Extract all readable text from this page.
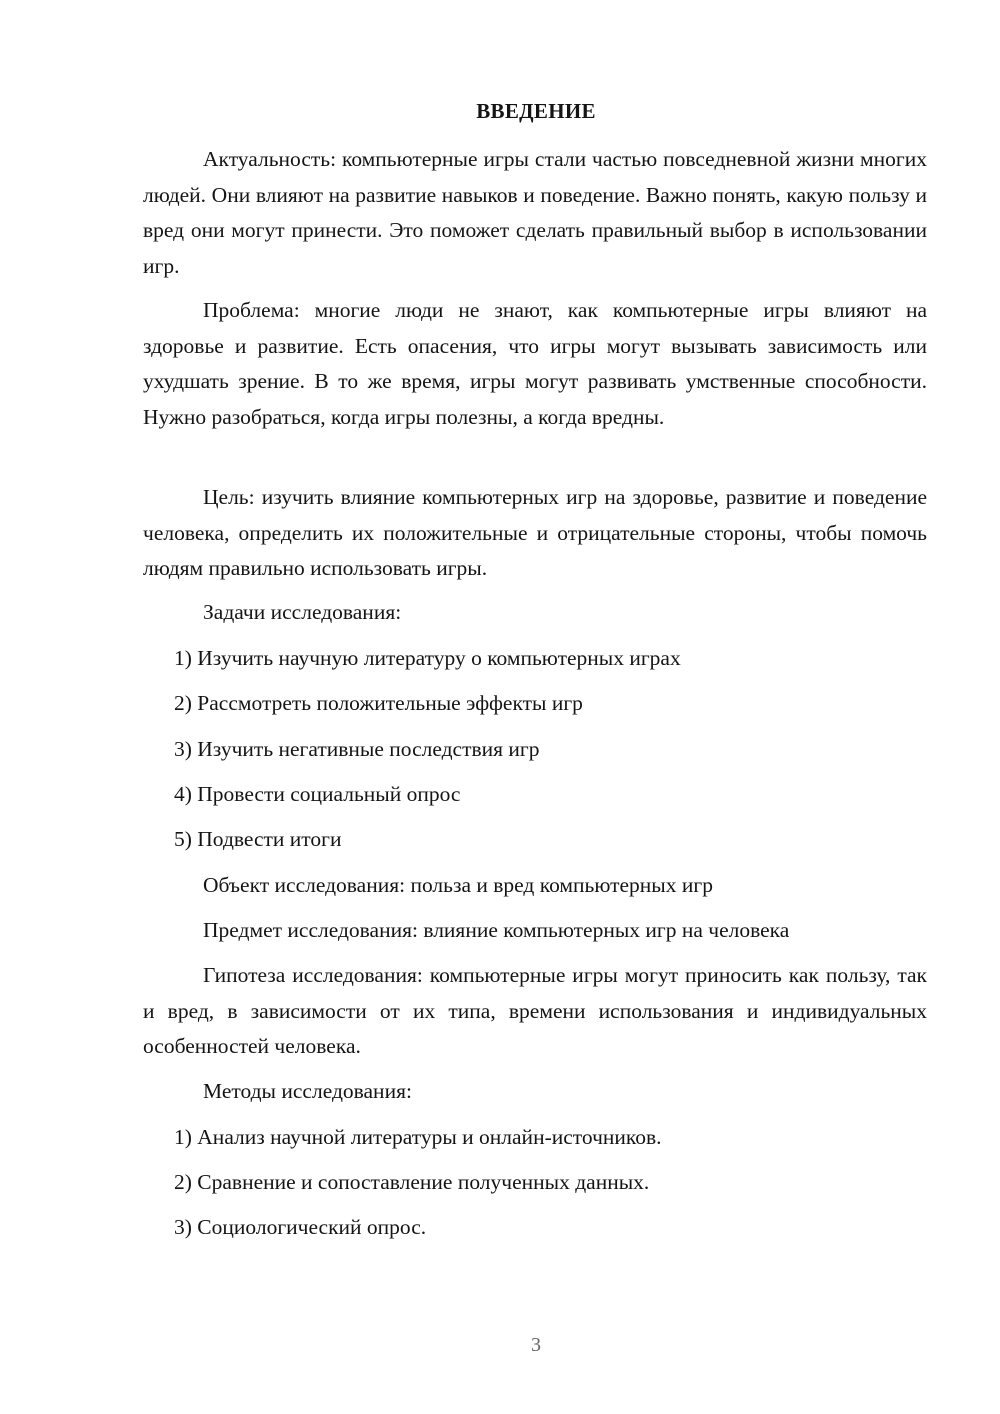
ВВЕДЕНИЕ

Актуальность: компьютерные игры стали частью повседневной жизни многих людей. Они влияют на развитие навыков и поведение. Важно понять, какую пользу и вред они могут принести. Это поможет сделать правильный выбор в использовании игр.

Проблема: многие люди не знают, как компьютерные игры влияют на здоровье и развитие. Есть опасения, что игры могут вызывать зависимость или ухудшать зрение. В то же время, игры могут развивать умственные способности. Нужно разобраться, когда игры полезны, а когда вредны.

Цель: изучить влияние компьютерных игр на здоровье, развитие и поведение человека, определить их положительные и отрицательные стороны, чтобы помочь людям правильно использовать игры.

Задачи исследования:

1) Изучить научную литературу о компьютерных играх

2) Рассмотреть положительные эффекты игр

3) Изучить негативные последствия игр

4) Провести социальный опрос

5) Подвести итоги

Объект исследования: польза и вред компьютерных игр

Предмет исследования: влияние компьютерных игр на человека

Гипотеза исследования: компьютерные игры могут приносить как пользу, так и вред, в зависимости от их типа, времени использования и индивидуальных особенностей человека.

Методы исследования:

1) Анализ научной литературы и онлайн-источников.

2) Сравнение и сопоставление полученных данных.

3) Социологический опрос.

3
